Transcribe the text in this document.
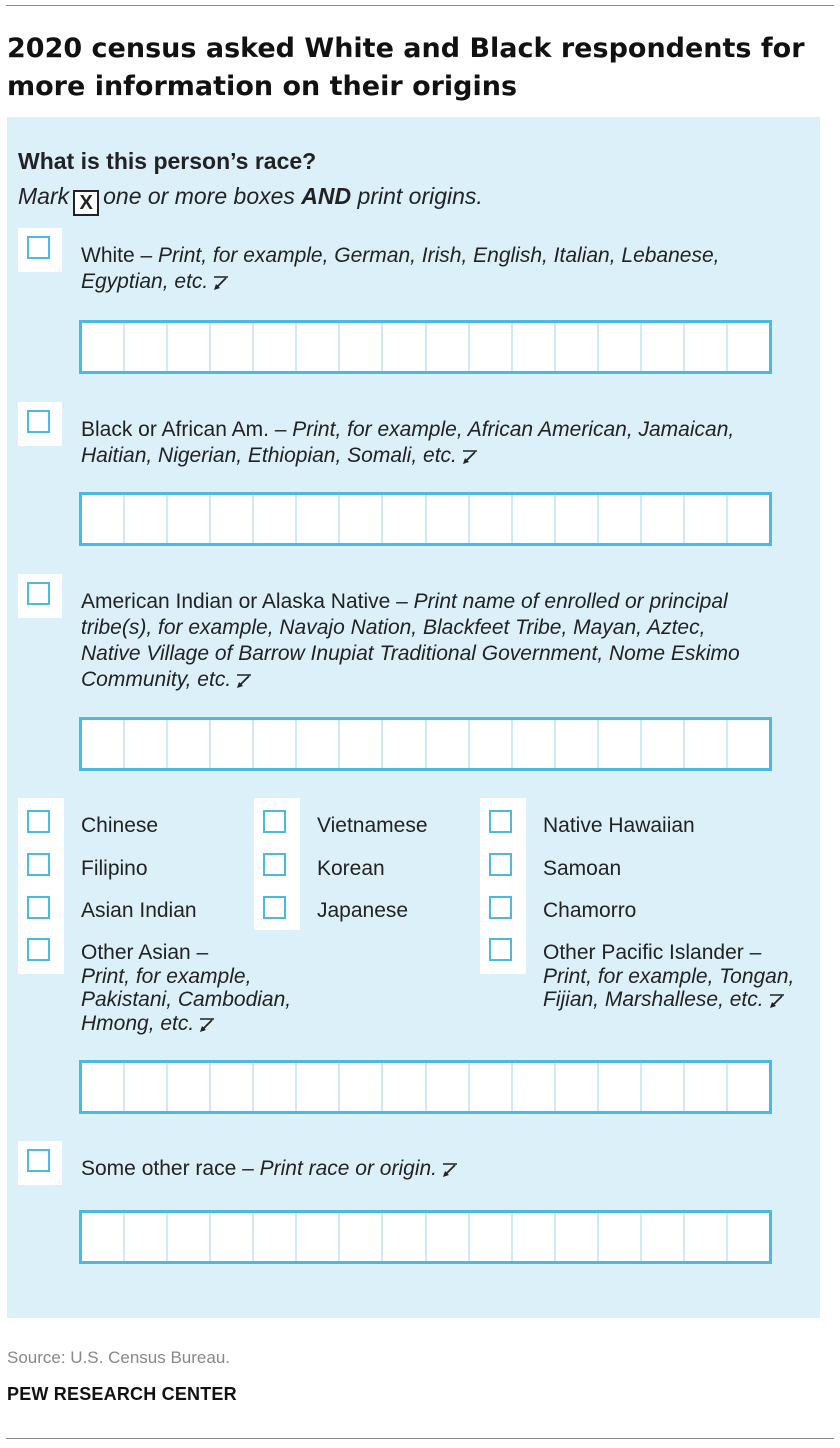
2020 census asked White and Black respondents for more information on their origins
What is this person’s race?
Mark X one or more boxes AND print origins.
White – Print, for example, German, Irish, English, Italian, Lebanese, Egyptian, etc.
Black or African Am. – Print, for example, African American, Jamaican, Haitian, Nigerian, Ethiopian, Somali, etc.
American Indian or Alaska Native – Print name of enrolled or principal tribe(s), for example, Navajo Nation, Blackfeet Tribe, Mayan, Aztec, Native Village of Barrow Inupiat Traditional Government, Nome Eskimo Community, etc.
Chinese
Filipino
Asian Indian
Other Asian –
Print, for example, Pakistani, Cambodian, Hmong, etc.
Vietnamese
Korean
Japanese
Native Hawaiian
Samoan
Chamorro
Other Pacific Islander –
Print, for example, Tongan, Fijian, Marshallese, etc.
Some other race – Print race or origin.
Source: U.S. Census Bureau.
PEW RESEARCH CENTER
